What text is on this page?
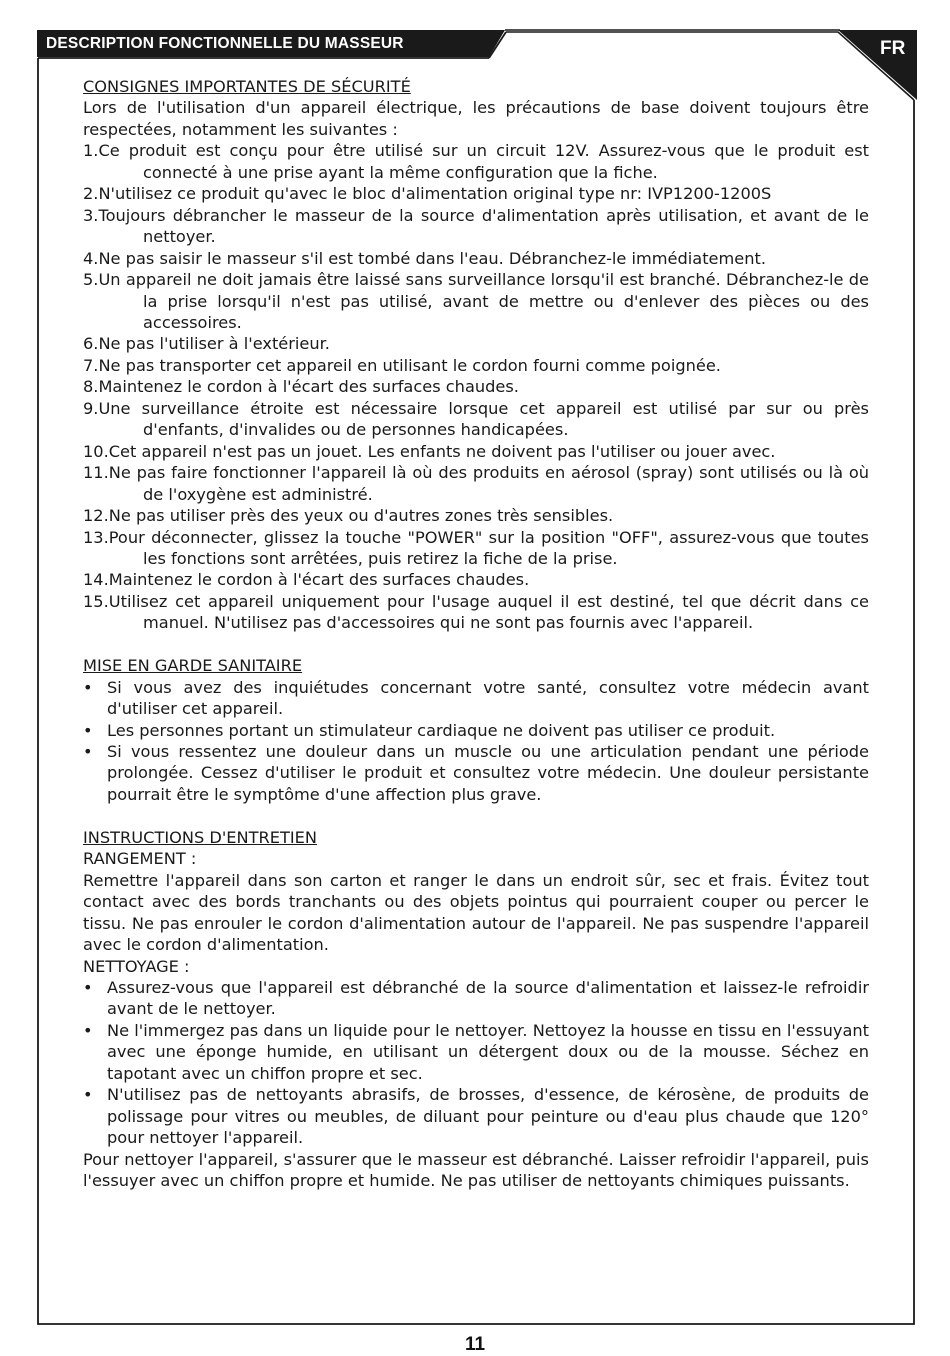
DESCRIPTION FONCTIONNELLE DU MASSEUR	FR

CONSIGNES IMPORTANTES DE SÉCURITÉ

Lors de l'utilisation d'un appareil électrique, les précautions de base doivent toujours être respectées, notamment les suivantes :

1.Ce produit est conçu pour être utilisé sur un circuit 12V. Assurez-vous que le produit est connecté à une prise ayant la même configuration que la fiche.

2.N'utilisez ce produit qu'avec le bloc d'alimentation original type nr: IVP1200-1200S

3.Toujours débrancher le masseur de la source d'alimentation après utilisation, et avant de le nettoyer.

4.Ne pas saisir le masseur s'il est tombé dans l'eau. Débranchez-le immédiatement.

5.Un appareil ne doit jamais être laissé sans surveillance lorsqu'il est branché. Débranchez-le de la prise lorsqu'il n'est pas utilisé, avant de mettre ou d'enlever des pièces ou des accessoires.

6.Ne pas l'utiliser à l'extérieur.

7.Ne pas transporter cet appareil en utilisant le cordon fourni comme poignée.

8.Maintenez le cordon à l'écart des surfaces chaudes.

9.Une surveillance étroite est nécessaire lorsque cet appareil est utilisé par sur ou près d'enfants, d'invalides ou de personnes handicapées.

10.Cet appareil n'est pas un jouet. Les enfants ne doivent pas l'utiliser ou jouer avec.

11.Ne pas faire fonctionner l'appareil là où des produits en aérosol (spray) sont utilisés ou là où de l'oxygène est administré.

12.Ne pas utiliser près des yeux ou d'autres zones très sensibles.

13.Pour déconnecter, glissez la touche "POWER" sur la position "OFF", assurez-vous que toutes les fonctions sont arrêtées, puis retirez la fiche de la prise.

14.Maintenez le cordon à l'écart des surfaces chaudes.

15.Utilisez cet appareil uniquement pour l'usage auquel il est destiné, tel que décrit dans ce manuel. N'utilisez pas d'accessoires qui ne sont pas fournis avec l'appareil.

MISE EN GARDE SANITAIRE

• Si vous avez des inquiétudes concernant votre santé, consultez votre médecin avant d'utiliser cet appareil.

• Les personnes portant un stimulateur cardiaque ne doivent pas utiliser ce produit.

• Si vous ressentez une douleur dans un muscle ou une articulation pendant une période prolongée. Cessez d'utiliser le produit et consultez votre médecin. Une douleur persistante pourrait être le symptôme d'une affection plus grave.

INSTRUCTIONS D'ENTRETIEN

RANGEMENT :

Remettre l'appareil dans son carton et ranger le dans un endroit sûr, sec et frais. Évitez tout contact avec des bords tranchants ou des objets pointus qui pourraient couper ou percer le tissu. Ne pas enrouler le cordon d'alimentation autour de l'appareil. Ne pas suspendre l'appareil avec le cordon d'alimentation.

NETTOYAGE :

• Assurez-vous que l'appareil est débranché de la source d'alimentation et laissez-le refroidir avant de le nettoyer.

• Ne l'immergez pas dans un liquide pour le nettoyer. Nettoyez la housse en tissu en l'essuyant avec une éponge humide, en utilisant un détergent doux ou de la mousse. Séchez en tapotant avec un chiffon propre et sec.

• N'utilisez pas de nettoyants abrasifs, de brosses, d'essence, de kérosène, de produits de polissage pour vitres ou meubles, de diluant pour peinture ou d'eau plus chaude que 120° pour nettoyer l'appareil.

Pour nettoyer l'appareil, s'assurer que le masseur est débranché. Laisser refroidir l'appareil, puis l'essuyer avec un chiffon propre et humide. Ne pas utiliser de nettoyants chimiques puissants.

11
